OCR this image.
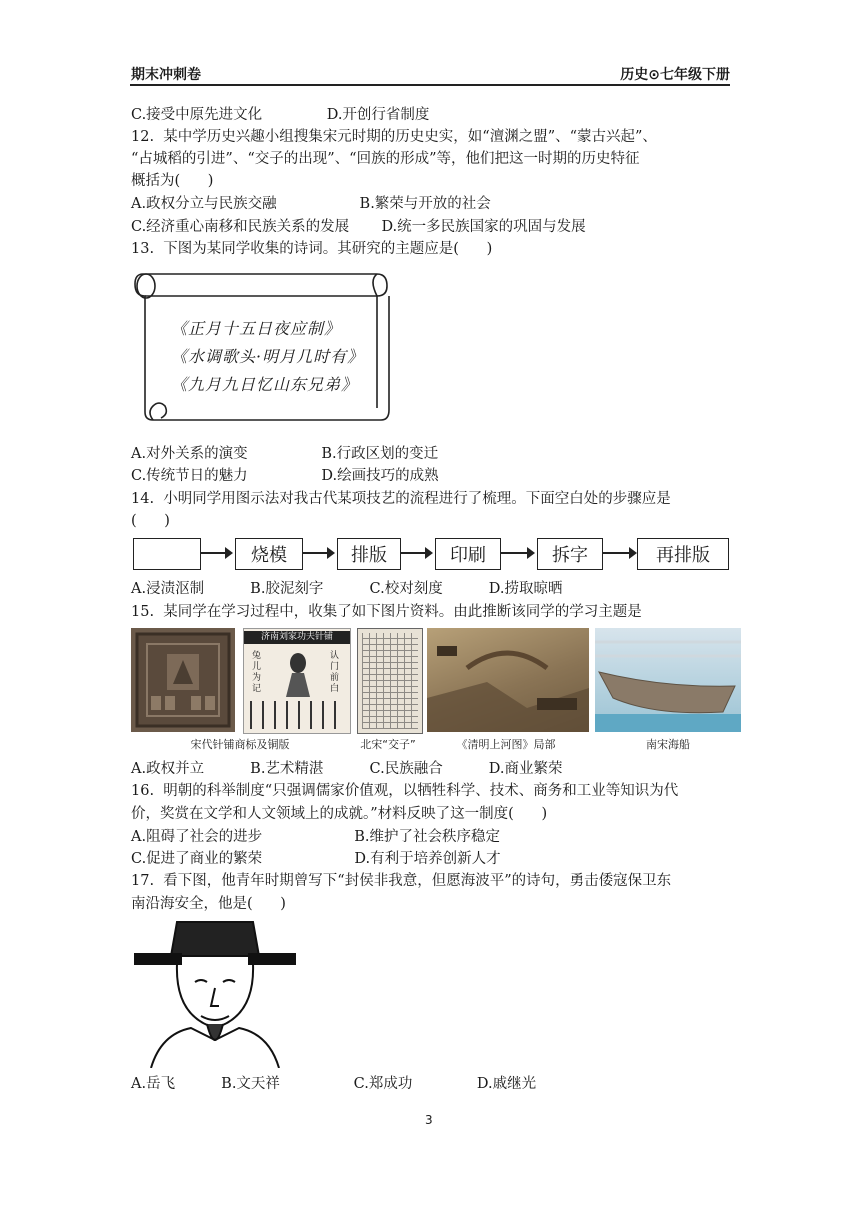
期末冲刺卷	历史⊙七年级下册
C.接受中原先进文化              D.开创行省制度
12.  某中学历史兴趣小组搜集宋元时期的历史史实，如“澶渊之盟”、“蒙古兴起”、
“占城稻的引进”、“交子的出现”、“回族的形成”等，他们把这一时期的历史特征
概括为(      )
A.政权分立与民族交融                  B.繁荣与开放的社会
C.经济重心南移和民族关系的发展       D.统一多民族国家的巩固与发展
13.  下图为某同学收集的诗词。其研究的主题应是(      )
《正月十五日夜应制》
《水调歌头·明月几时有》
《九月九日忆山东兄弟》
A.对外关系的演变                B.行政区划的变迁
C.传统节日的魅力                D.绘画技巧的成熟
14.  小明同学用图示法对我古代某项技艺的流程进行了梳理。下面空白处的步骤应是
(      )
烧模	排版	印刷	拆字	再排版
A.浸渍沤制          B.胶泥刻字          C.校对刻度          D.捞取晾晒
15.  某同学在学习过程中，收集了如下图片资料。由此推断该同学的学习主题是
济南刘家功夫针铺
兔儿为记
认门前白
宋代针铺商标及铜版	北宋“交子”	《清明上河图》局部	南宋海船
A.政权并立          B.艺术精湛          C.民族融合          D.商业繁荣
16.  明朝的科举制度“只强调儒家价值观，以牺牲科学、技术、商务和工业等知识为代
价，奖赏在文学和人文领域上的成就。”材料反映了这一制度(      )
A.阻碍了社会的进步                    B.维护了社会秩序稳定
C.促进了商业的繁荣                    D.有利于培养创新人才
17.  看下图，他青年时期曾写下“封侯非我意，但愿海波平”的诗句，勇击倭寇保卫东
南沿海安全，他是(      )
A.岳飞          B.文天祥                C.郑成功              D.戚继光
3
